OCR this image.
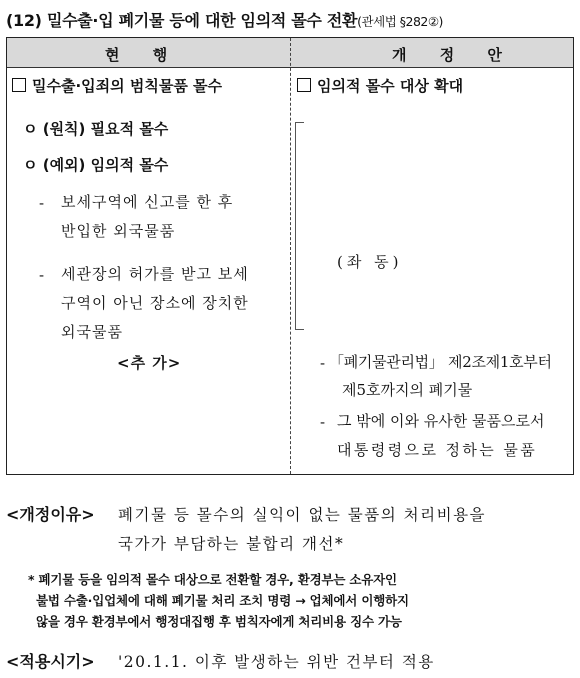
(12) 밀수출·입 폐기물 등에 대한 임의적 몰수 전환(관세법 §282②)
현 행	개 정 안
밀수출·입죄의 범칙물품 몰수
ㅇ (원칙) 필요적 몰수
ㅇ (예외) 임의적 몰수
- 보세구역에 신고를 한 후
반입한 외국물품
- 세관장의 허가를 받고 보세
구역이 아닌 장소에 장치한
외국물품
<추 가>
임의적 몰수 대상 확대
(좌 동)
- 「폐기물관리법」 제2조제1호부터
제5호까지의 폐기물
- 그 밖에 이와 유사한 물품으로서
대통령령으로 정하는 물품
<개정이유> 폐기물 등 몰수의 실익이 없는 물품의 처리비용을
국가가 부담하는 불합리 개선*
* 폐기물 등을 임의적 몰수 대상으로 전환할 경우, 환경부는 소유자인
불법 수출·입업체에 대해 폐기물 처리 조치 명령 → 업체에서 이행하지
않을 경우 환경부에서 행정대집행 후 범칙자에게 처리비용 징수 가능
<적용시기> '20.1.1. 이후 발생하는 위반 건부터 적용
